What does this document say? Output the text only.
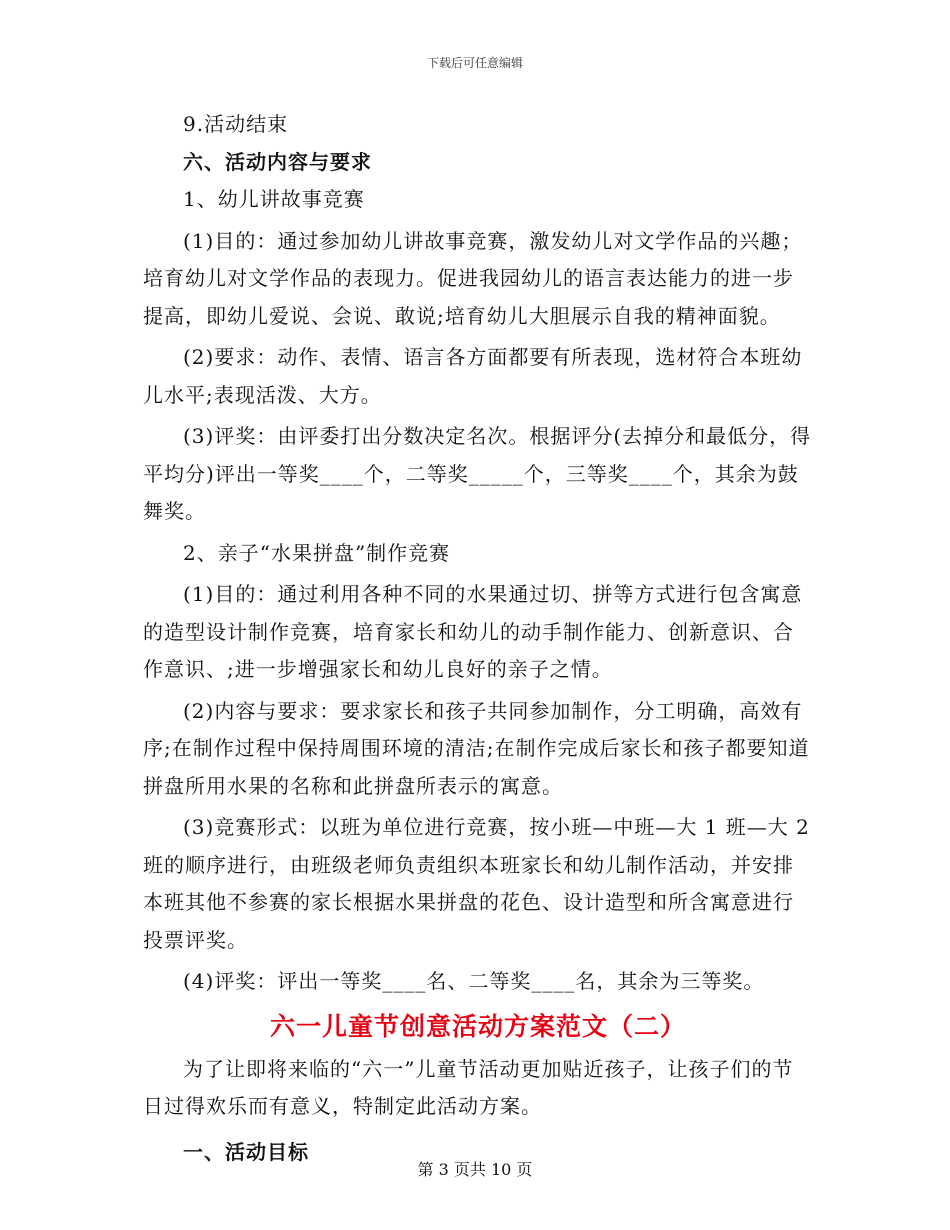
下载后可任意编辑

9.活动结束

六、活动内容与要求

1、幼儿讲故事竞赛

(1)目的：通过参加幼儿讲故事竞赛，激发幼儿对文学作品的兴趣；培育幼儿对文学作品的表现力。促进我园幼儿的语言表达能力的进一步提高，即幼儿爱说、会说、敢说;培育幼儿大胆展示自我的精神面貌。

(2)要求：动作、表情、语言各方面都要有所表现，选材符合本班幼儿水平;表现活泼、大方。

(3)评奖：由评委打出分数决定名次。根据评分(去掉分和最低分，得平均分)评出一等奖____个，二等奖_____个，三等奖____个，其余为鼓舞奖。

2、亲子“水果拼盘”制作竞赛

(1)目的：通过利用各种不同的水果通过切、拼等方式进行包含寓意的造型设计制作竞赛，培育家长和幼儿的动手制作能力、创新意识、合作意识、;进一步增强家长和幼儿良好的亲子之情。

(2)内容与要求：要求家长和孩子共同参加制作，分工明确，高效有序;在制作过程中保持周围环境的清洁;在制作完成后家长和孩子都要知道拼盘所用水果的名称和此拼盘所表示的寓意。

(3)竞赛形式：以班为单位进行竞赛，按小班—中班—大 1 班—大 2 班的顺序进行，由班级老师负责组织本班家长和幼儿制作活动，并安排本班其他不参赛的家长根据水果拼盘的花色、设计造型和所含寓意进行投票评奖。

(4)评奖：评出一等奖____名、二等奖____名，其余为三等奖。

六一儿童节创意活动方案范文（二）

为了让即将来临的“六一”儿童节活动更加贴近孩子，让孩子们的节日过得欢乐而有意义，特制定此活动方案。

一、活动目标

第 3 页共 10 页
